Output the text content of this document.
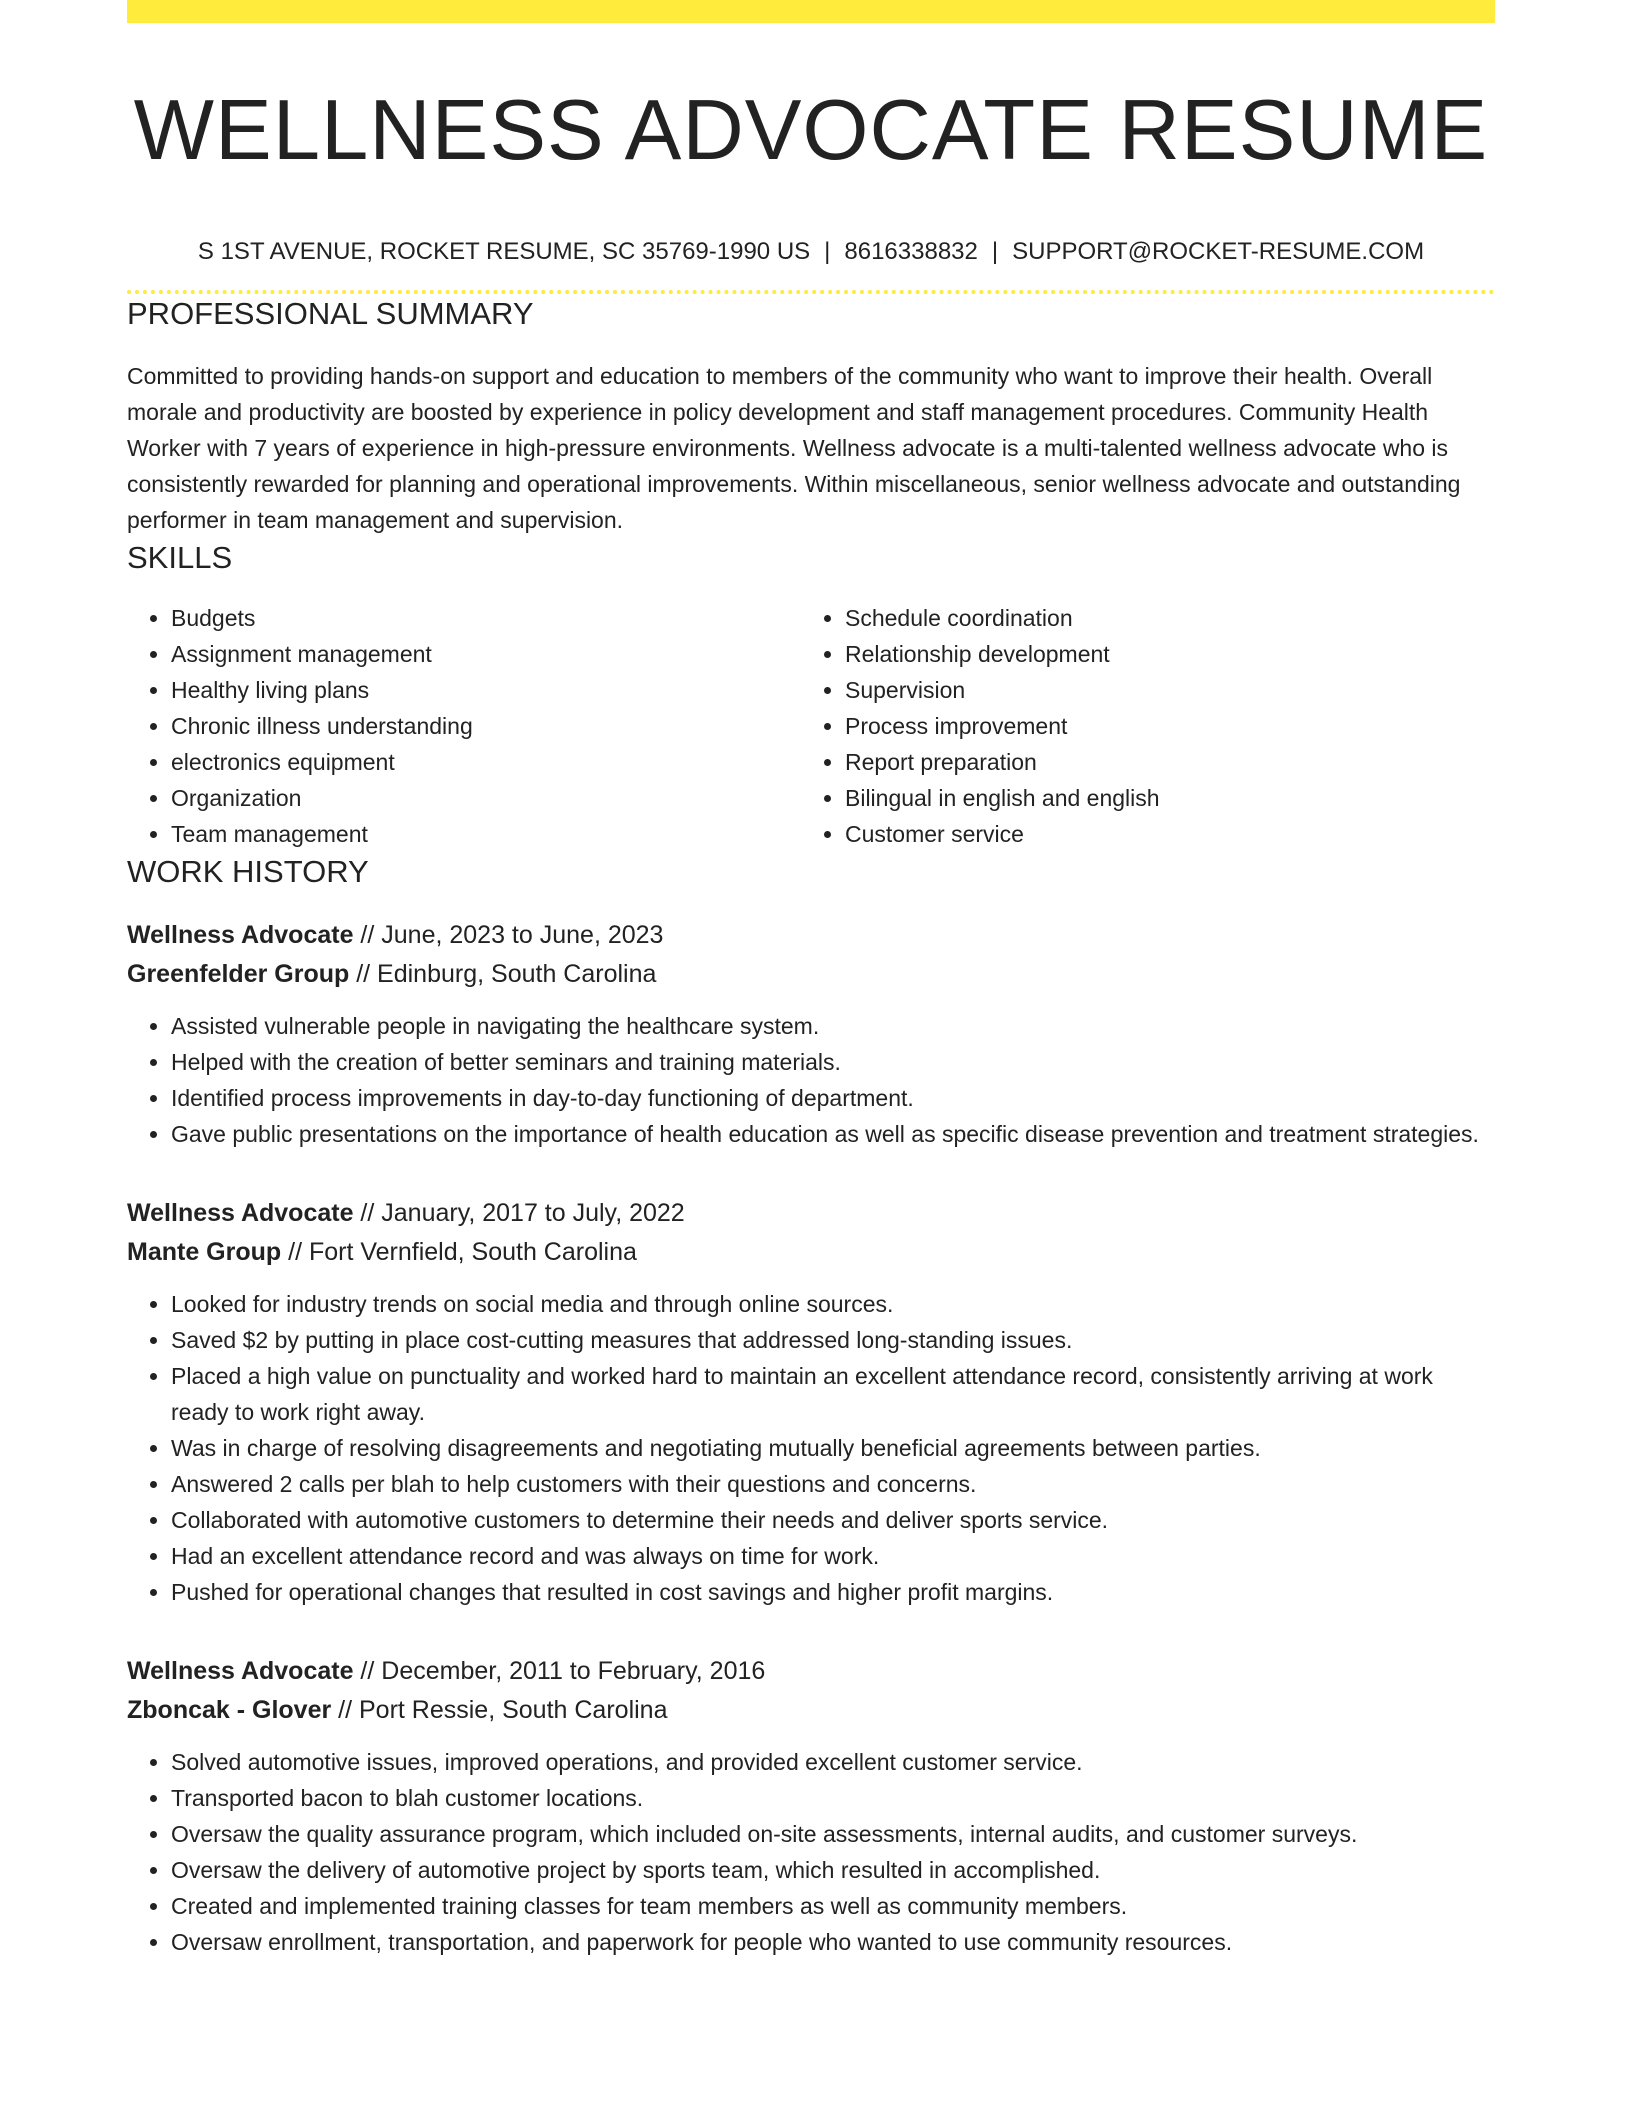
WELLNESS ADVOCATE RESUME
S 1ST AVENUE, ROCKET RESUME, SC 35769-1990 US | 8616338832 | SUPPORT@ROCKET-RESUME.COM
PROFESSIONAL SUMMARY

Committed to providing hands-on support and education to members of the community who want to improve their health. Overall morale and productivity are boosted by experience in policy development and staff management procedures. Community Health Worker with 7 years of experience in high-pressure environments. Wellness advocate is a multi-talented wellness advocate who is consistently rewarded for planning and operational improvements. Within miscellaneous, senior wellness advocate and outstanding performer in team management and supervision.

SKILLS
• Budgets
• Assignment management
• Healthy living plans
• Chronic illness understanding
• electronics equipment
• Organization
• Team management
• Schedule coordination
• Relationship development
• Supervision
• Process improvement
• Report preparation
• Bilingual in english and english
• Customer service
WORK HISTORY
Wellness Advocate // June, 2023 to June, 2023
Greenfelder Group // Edinburg, South Carolina
• Assisted vulnerable people in navigating the healthcare system.
• Helped with the creation of better seminars and training materials.
• Identified process improvements in day-to-day functioning of department.
• Gave public presentations on the importance of health education as well as specific disease prevention and treatment strategies.
Wellness Advocate // January, 2017 to July, 2022
Mante Group // Fort Vernfield, South Carolina
• Looked for industry trends on social media and through online sources.
• Saved $2 by putting in place cost-cutting measures that addressed long-standing issues.
• Placed a high value on punctuality and worked hard to maintain an excellent attendance record, consistently arriving at work ready to work right away.
• Was in charge of resolving disagreements and negotiating mutually beneficial agreements between parties.
• Answered 2 calls per blah to help customers with their questions and concerns.
• Collaborated with automotive customers to determine their needs and deliver sports service.
• Had an excellent attendance record and was always on time for work.
• Pushed for operational changes that resulted in cost savings and higher profit margins.
Wellness Advocate // December, 2011 to February, 2016
Zboncak - Glover // Port Ressie, South Carolina
• Solved automotive issues, improved operations, and provided excellent customer service.
• Transported bacon to blah customer locations.
• Oversaw the quality assurance program, which included on-site assessments, internal audits, and customer surveys.
• Oversaw the delivery of automotive project by sports team, which resulted in accomplished.
• Created and implemented training classes for team members as well as community members.
• Oversaw enrollment, transportation, and paperwork for people who wanted to use community resources.
